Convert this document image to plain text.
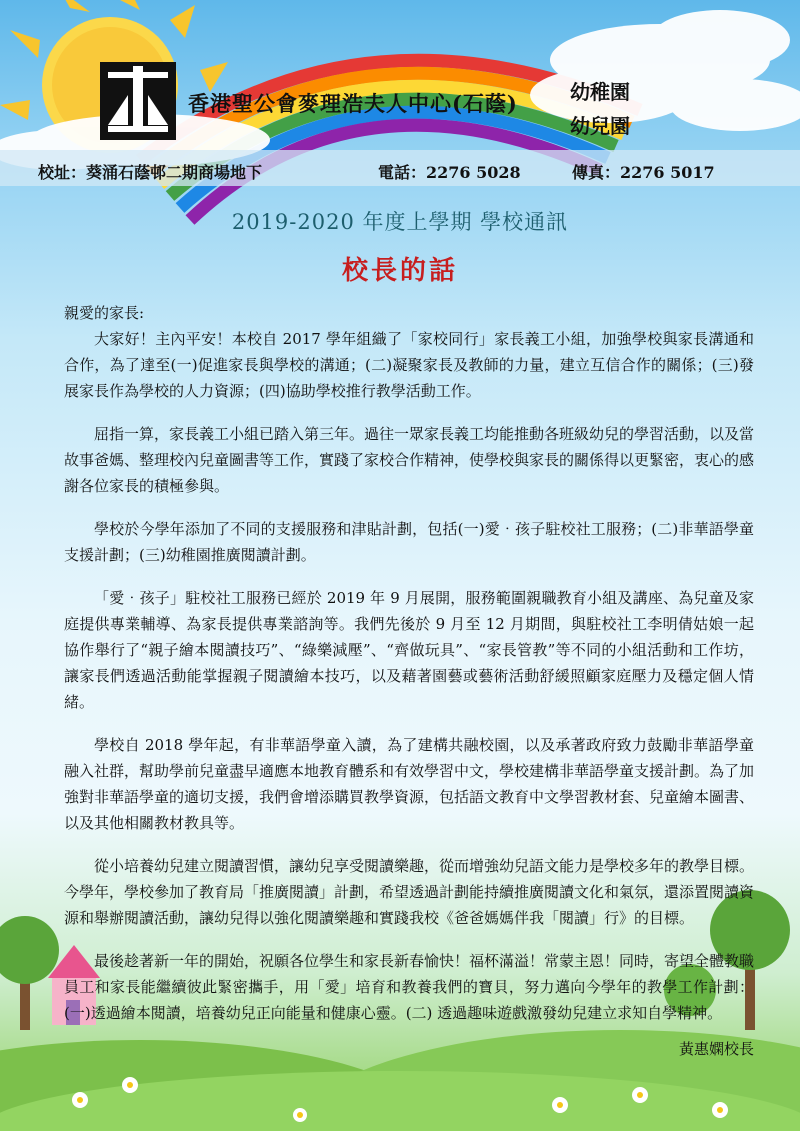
香港聖公會麥理浩夫人中心(石蔭)	幼稚園
幼兒園
校址：葵涌石蔭邨二期商場地下	電話：2276 5028	傳真：2276 5017
2019-2020 年度上學期 學校通訊
校長的話

親愛的家長:

大家好！主內平安！本校自 2017 學年組織了「家校同行」家長義工小組，加強學校與家長溝通和合作，為了達至(一)促進家長與學校的溝通；(二)凝聚家長及教師的力量，建立互信合作的關係；(三)發展家長作為學校的人力資源；(四)協助學校推行教學活動工作。

屈指一算，家長義工小組已踏入第三年。過往一眾家長義工均能推動各班級幼兒的學習活動，以及當故事爸媽、整理校內兒童圖書等工作，實踐了家校合作精神，使學校與家長的關係得以更緊密，衷心的感謝各位家長的積極參與。

學校於今學年添加了不同的支援服務和津貼計劃，包括(一)愛‧孩子駐校社工服務；(二)非華語學童支援計劃；(三)幼稚園推廣閱讀計劃。

「愛‧孩子」駐校社工服務已經於 2019 年 9 月展開，服務範圍親職教育小組及講座、為兒童及家庭提供專業輔導、為家長提供專業諮詢等。我們先後於 9 月至 12 月期間，與駐校社工李明倩姑娘一起協作舉行了“親子繪本閱讀技巧”、“綠樂減壓”、“齊做玩具”、“家長管教”等不同的小組活動和工作坊，讓家長們透過活動能掌握親子閱讀繪本技巧，以及藉著園藝或藝術活動舒緩照顧家庭壓力及穩定個人情緒。

學校自 2018 學年起，有非華語學童入讀，為了建構共融校園，以及承著政府致力鼓勵非華語學童融入社群，幫助學前兒童盡早適應本地教育體系和有效學習中文，學校建構非華語學童支援計劃。為了加強對非華語學童的適切支援，我們會增添購買教學資源，包括語文教育中文學習教材套、兒童繪本圖書、以及其他相關教材教具等。

從小培養幼兒建立閱讀習慣，讓幼兒享受閱讀樂趣，從而增強幼兒語文能力是學校多年的教學目標。今學年，學校參加了教育局「推廣閱讀」計劃，希望透過計劃能持續推廣閱讀文化和氣氛，還添置閱讀資源和舉辦閱讀活動，讓幼兒得以強化閱讀樂趣和實踐我校《爸爸媽媽伴我「閱讀」行》的目標。

最後趁著新一年的開始，祝願各位學生和家長新春愉快！福杯滿溢！常蒙主恩！同時，寄望全體教職員工和家長能繼續彼此緊密攜手，用「愛」培育和教養我們的寶貝，努力邁向今學年的教學工作計劃：(一)透過繪本閱讀，培養幼兒正向能量和健康心靈。(二) 透過趣味遊戲激發幼兒建立求知自學精神。

黃惠嫻校長
